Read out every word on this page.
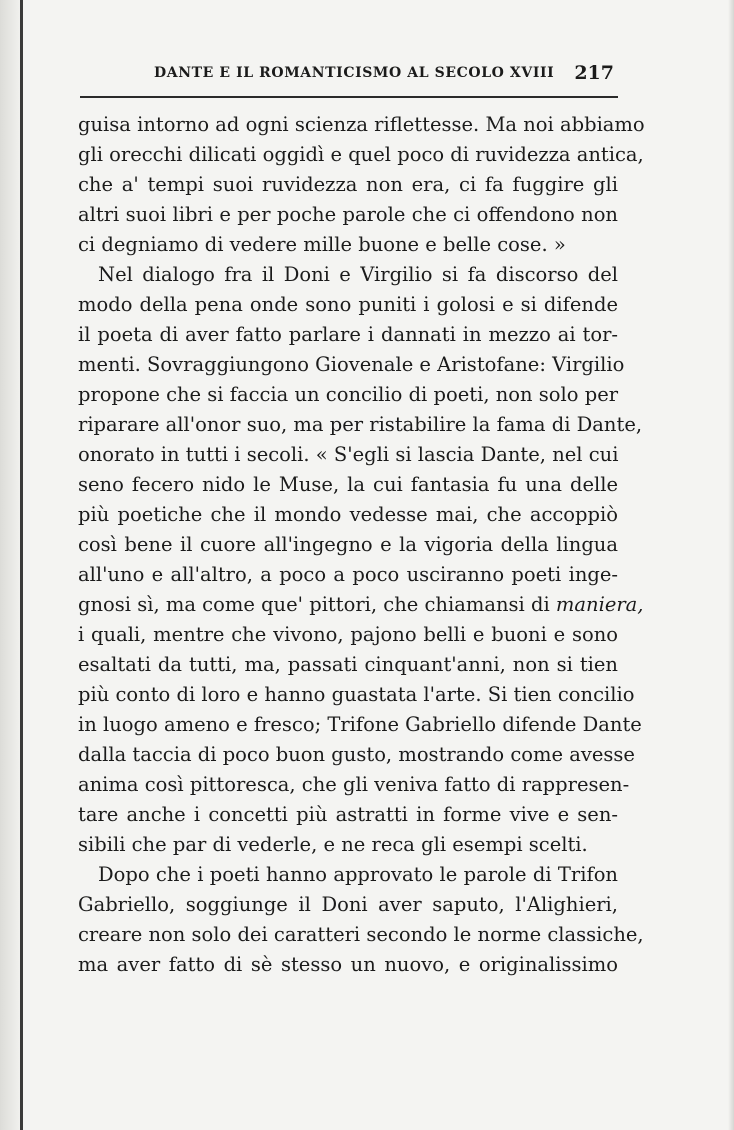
DANTE E IL ROMANTICISMO AL SECOLO XVIII 217
guisa intorno ad ogni scienza riflettesse. Ma noi abbiamo
gli orecchi dilicati oggidì e quel poco di ruvidezza antica,
che a' tempi suoi ruvidezza non era, ci fa fuggire gli
altri suoi libri e per poche parole che ci offendono non
ci degniamo di vedere mille buone e belle cose. »
Nel dialogo fra il Doni e Virgilio si fa discorso del
modo della pena onde sono puniti i golosi e si difende
il poeta di aver fatto parlare i dannati in mezzo ai tor-
menti. Sovraggiungono Giovenale e Aristofane: Virgilio
propone che si faccia un concilio di poeti, non solo per
riparare all'onor suo, ma per ristabilire la fama di Dante,
onorato in tutti i secoli. « S'egli si lascia Dante, nel cui
seno fecero nido le Muse, la cui fantasia fu una delle
più poetiche che il mondo vedesse mai, che accoppiò
così bene il cuore all'ingegno e la vigoria della lingua
all'uno e all'altro, a poco a poco usciranno poeti inge-
gnosi sì, ma come que' pittori, che chiamansi di maniera,
i quali, mentre che vivono, pajono belli e buoni e sono
esaltati da tutti, ma, passati cinquant'anni, non si tien
più conto di loro e hanno guastata l'arte. Si tien concilio
in luogo ameno e fresco; Trifone Gabriello difende Dante
dalla taccia di poco buon gusto, mostrando come avesse
anima così pittoresca, che gli veniva fatto di rappresen-
tare anche i concetti più astratti in forme vive e sen-
sibili che par di vederle, e ne reca gli esempi scelti.
Dopo che i poeti hanno approvato le parole di Trifon
Gabriello, soggiunge il Doni aver saputo, l'Alighieri,
creare non solo dei caratteri secondo le norme classiche,
ma aver fatto di sè stesso un nuovo, e originalissimo
